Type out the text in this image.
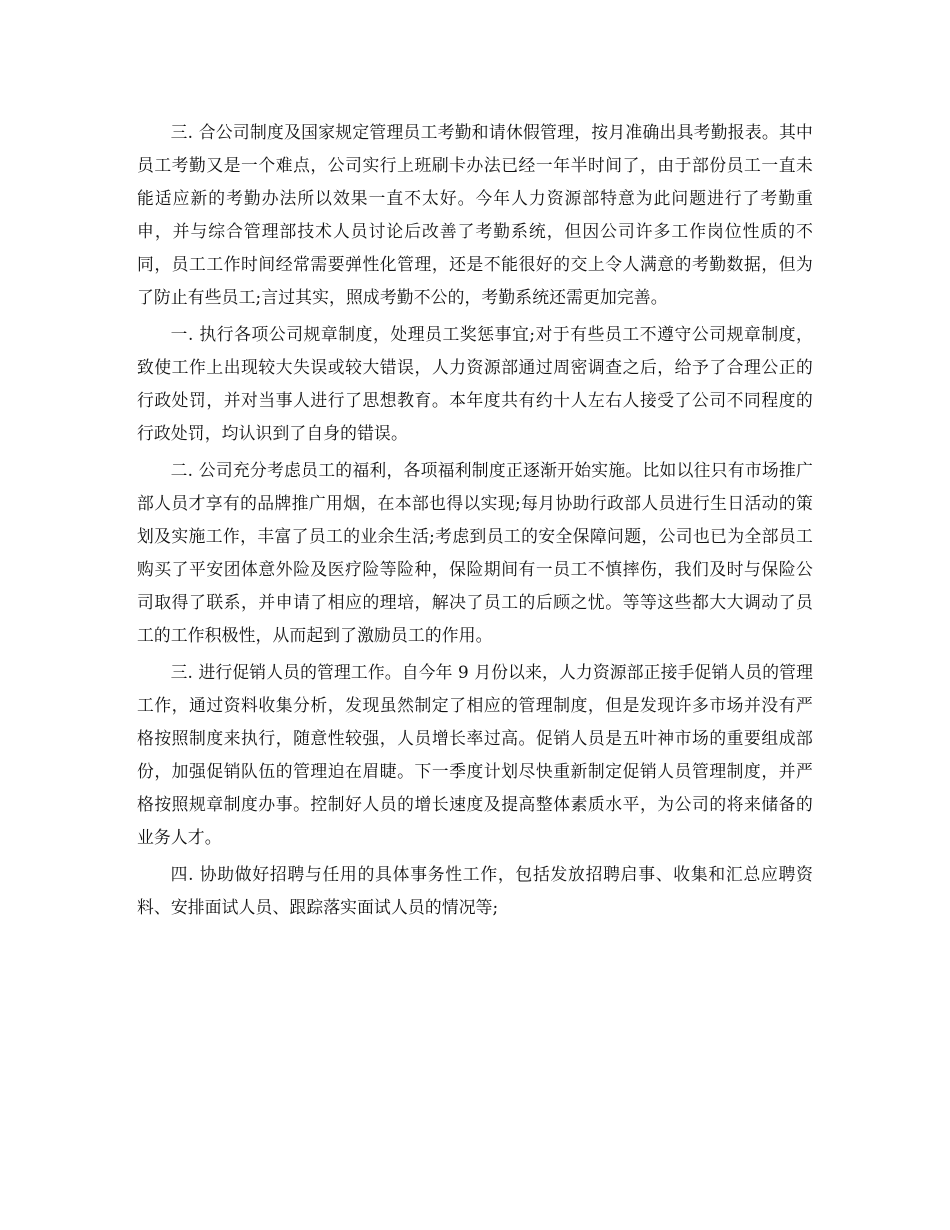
三. 合公司制度及国家规定管理员工考勤和请休假管理，按月准确出具考勤报表。其中员工考勤又是一个难点，公司实行上班刷卡办法已经一年半时间了，由于部份员工一直未能适应新的考勤办法所以效果一直不太好。今年人力资源部特意为此问题进行了考勤重申，并与综合管理部技术人员讨论后改善了考勤系统，但因公司许多工作岗位性质的不同，员工工作时间经常需要弹性化管理，还是不能很好的交上令人满意的考勤数据，但为了防止有些员工;言过其实，照成考勤不公的，考勤系统还需更加完善。

一. 执行各项公司规章制度，处理员工奖惩事宜;对于有些员工不遵守公司规章制度，致使工作上出现较大失误或较大错误，人力资源部通过周密调查之后，给予了合理公正的行政处罚，并对当事人进行了思想教育。本年度共有约十人左右人接受了公司不同程度的行政处罚，均认识到了自身的错误。

二. 公司充分考虑员工的福利，各项福利制度正逐渐开始实施。比如以往只有市场推广部人员才享有的品牌推广用烟，在本部也得以实现;每月协助行政部人员进行生日活动的策划及实施工作，丰富了员工的业余生活;考虑到员工的安全保障问题，公司也已为全部员工购买了平安团体意外险及医疗险等险种，保险期间有一员工不慎摔伤，我们及时与保险公司取得了联系，并申请了相应的理培，解决了员工的后顾之忧。等等这些都大大调动了员工的工作积极性，从而起到了激励员工的作用。

三. 进行促销人员的管理工作。自今年 9 月份以来，人力资源部正接手促销人员的管理工作，通过资料收集分析，发现虽然制定了相应的管理制度，但是发现许多市场并没有严格按照制度来执行，随意性较强，人员增长率过高。促销人员是五叶神市场的重要组成部份，加强促销队伍的管理迫在眉睫。下一季度计划尽快重新制定促销人员管理制度，并严格按照规章制度办事。控制好人员的增长速度及提高整体素质水平，为公司的将来储备的业务人才。

四. 协助做好招聘与任用的具体事务性工作，包括发放招聘启事、收集和汇总应聘资料、安排面试人员、跟踪落实面试人员的情况等;
